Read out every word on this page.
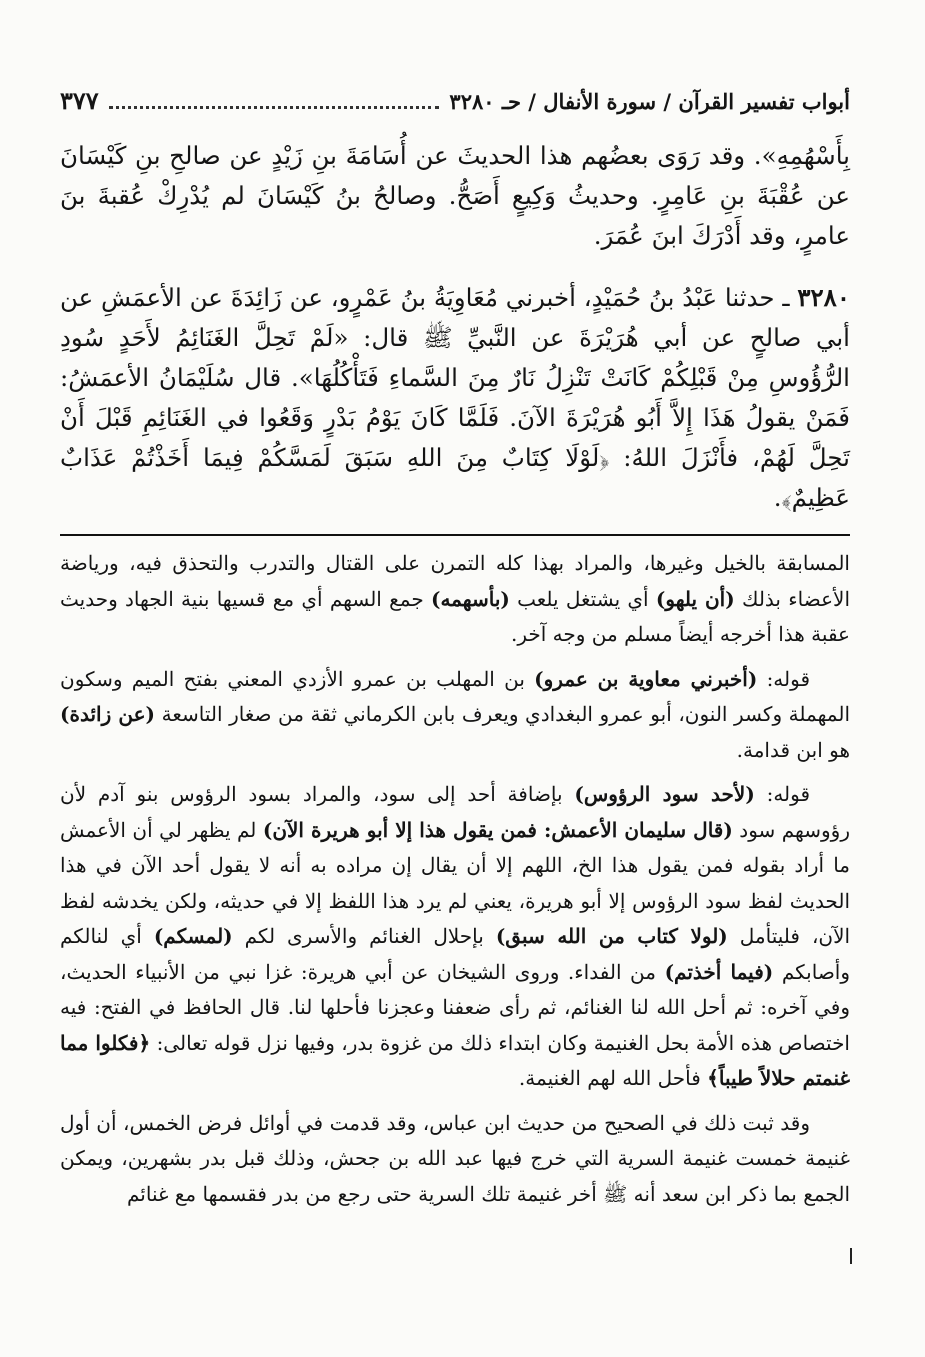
أبواب تفسير القرآن / سورة الأنفال / حـ ٣٢٨٠
٣٧٧

بِأَسْهُمِهِ». وقد رَوَى بعضُهم هذا الحديثَ عن أُسَامَةَ بنِ زَيْدٍ عن صالحِ بنِ كَيْسَانَ عن عُقْبَةَ بنِ عَامِرٍ. وحديثُ وَكِيعٍ أَصَحُّ. وصالحُ بنُ كَيْسَانَ لم يُدْرِكْ عُقبةَ بنَ عامرٍ، وقد أَدْرَكَ ابنَ عُمَرَ.

٣٢٨٠ ـ حدثنا عَبْدُ بنُ حُمَيْدٍ، أخبرني مُعَاوِيَةُ بنُ عَمْرٍو، عن زَائِدَةَ عن الأعمَشِ عن أبي صالحٍ عن أبي هُرَيْرَةَ عن النَّبيِّ ﷺ قال: «لَمْ تَحِلَّ الغَنَائِمُ لأَحَدٍ سُودِ الرُّؤُوسِ مِنْ قَبْلِكُمْ كَانَتْ تَنْزِلُ نَارٌ مِنَ السَّماءِ فَتَأْكُلُهَا». قال سُلَيْمَانُ الأعمَشُ: فَمَنْ يقولُ هَذَا إِلاَّ أَبُو هُرَيْرَةَ الآنَ. فَلَمَّا كَانَ يَوْمُ بَدْرٍ وَقَعُوا في الغَنَائِمِ قَبْلَ أَنْ تَحِلَّ لَهُمْ، فأَنْزَلَ اللهُ: ﴿لَوْلَا كِتَابٌ مِنَ اللهِ سَبَقَ لَمَسَّكُمْ فِيمَا أَخَذْتُمْ عَذَابٌ عَظِيمٌ﴾.

المسابقة بالخيل وغيرها، والمراد بهذا كله التمرن على القتال والتدرب والتحذق فيه، ورياضة الأعضاء بذلك (أن يلهو) أي يشتغل يلعب (بأسهمه) جمع السهم أي مع قسيها بنية الجهاد وحديث عقبة هذا أخرجه أيضاً مسلم من وجه آخر.

قوله: (أخبرني معاوية بن عمرو) بن المهلب بن عمرو الأزدي المعني بفتح الميم وسكون المهملة وكسر النون، أبو عمرو البغدادي ويعرف بابن الكرماني ثقة من صغار التاسعة (عن زائدة) هو ابن قدامة.

قوله: (لأحد سود الرؤوس) بإضافة أحد إلى سود، والمراد بسود الرؤوس بنو آدم لأن رؤوسهم سود (قال سليمان الأعمش: فمن يقول هذا إلا أبو هريرة الآن) لم يظهر لي أن الأعمش ما أراد بقوله فمن يقول هذا الخ، اللهم إلا أن يقال إن مراده به أنه لا يقول أحد الآن في هذا الحديث لفظ سود الرؤوس إلا أبو هريرة، يعني لم يرد هذا اللفظ إلا في حديثه، ولكن يخدشه لفظ الآن، فليتأمل (لولا كتاب من الله سبق) بإحلال الغنائم والأسرى لكم (لمسكم) أي لنالكم وأصابكم (فيما أخذتم) من الفداء. وروى الشيخان عن أبي هريرة: غزا نبي من الأنبياء الحديث، وفي آخره: ثم أحل الله لنا الغنائم، ثم رأى ضعفنا وعجزنا فأحلها لنا. قال الحافظ في الفتح: فيه اختصاص هذه الأمة بحل الغنيمة وكان ابتداء ذلك من غزوة بدر، وفيها نزل قوله تعالى: ﴿فكلوا مما غنمتم حلالاً طيباً﴾ فأحل الله لهم الغنيمة.

وقد ثبت ذلك في الصحيح من حديث ابن عباس، وقد قدمت في أوائل فرض الخمس، أن أول غنيمة خمست غنيمة السرية التي خرج فيها عبد الله بن جحش، وذلك قبل بدر بشهرين، ويمكن الجمع بما ذكر ابن سعد أنه ﷺ أخر غنيمة تلك السرية حتى رجع من بدر فقسمها مع غنائم
